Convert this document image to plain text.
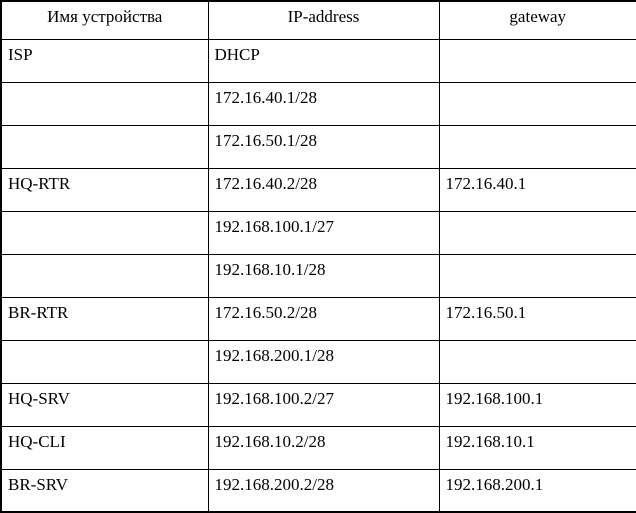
Имя устройства	IP-address	gateway
ISP	DHCP	
	172.16.40.1/28	
	172.16.50.1/28	
HQ-RTR	172.16.40.2/28	172.16.40.1
	192.168.100.1/27	
	192.168.10.1/28	
BR-RTR	172.16.50.2/28	172.16.50.1
	192.168.200.1/28	
HQ-SRV	192.168.100.2/27	192.168.100.1
HQ-CLI	192.168.10.2/28	192.168.10.1
BR-SRV	192.168.200.2/28	192.168.200.1
